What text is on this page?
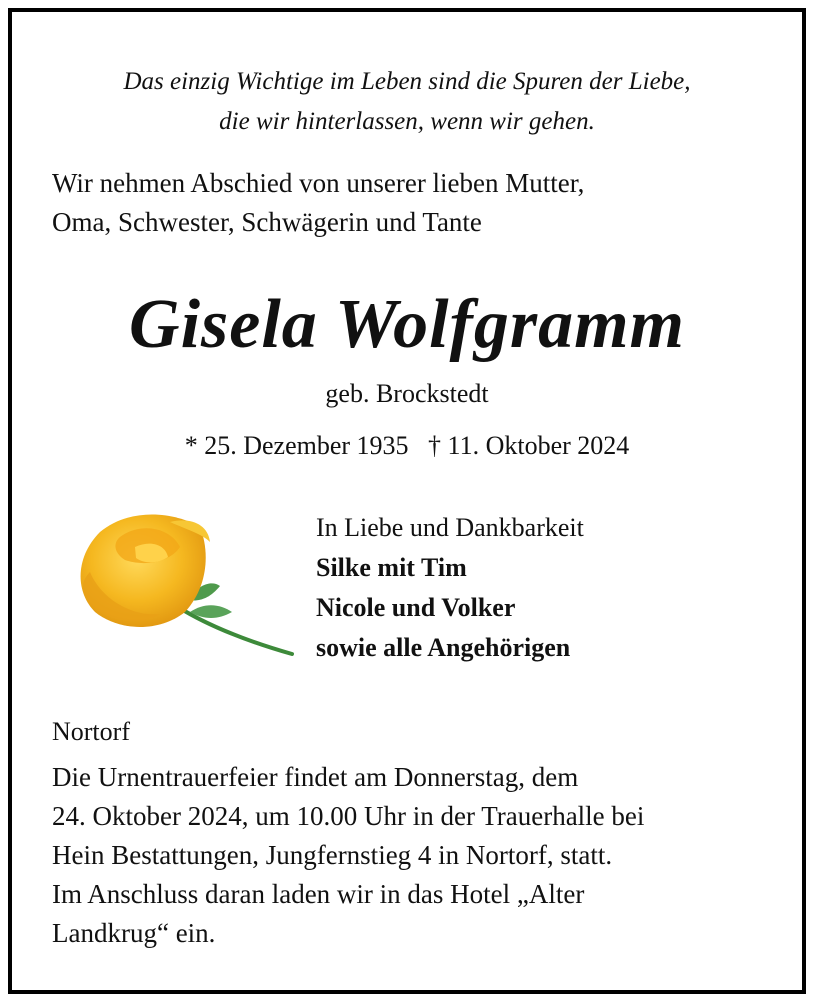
Das einzig Wichtige im Leben sind die Spuren der Liebe,
die wir hinterlassen, wenn wir gehen.
Wir nehmen Abschied von unserer lieben Mutter,
Oma, Schwester, Schwägerin und Tante
Gisela Wolfgramm
geb. Brockstedt
* 25. Dezember 1935   † 11. Oktober 2024
In Liebe und Dankbarkeit
Silke mit Tim
Nicole und Volker
sowie alle Angehörigen
Nortorf
Die Urnentrauerfeier findet am Donnerstag, dem
24. Oktober 2024, um 10.00 Uhr in der Trauerhalle bei
Hein Bestattungen, Jungfernstieg 4 in Nortorf, statt.
Im Anschluss daran laden wir in das Hotel „Alter
Landkrug“ ein.
